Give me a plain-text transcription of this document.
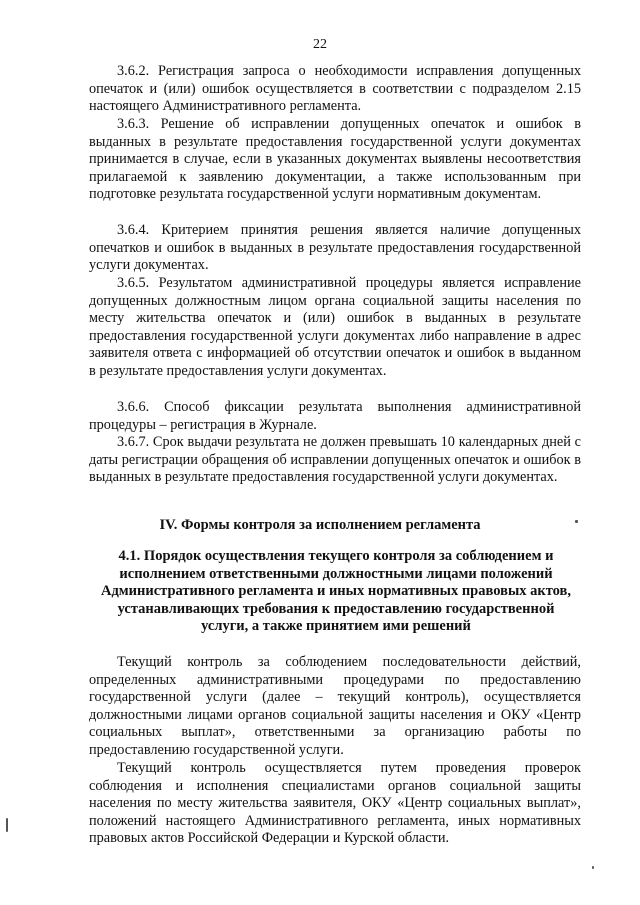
22

3.6.2. Регистрация запроса о необходимости исправления допущенных опечаток и (или) ошибок осуществляется в соответствии с подразделом 2.15 настоящего Административного регламента.

3.6.3. Решение об исправлении допущенных опечаток и ошибок в выданных в результате предоставления государственной услуги документах принимается в случае, если в указанных документах выявлены несоответствия прилагаемой к заявлению документации, а также использованным при подготовке результата государственной услуги нормативным документам.

3.6.4. Критерием принятия решения является наличие допущенных опечатков и ошибок в выданных в результате предоставления государственной услуги документах.

3.6.5. Результатом административной процедуры является исправление допущенных должностным лицом органа социальной защиты населения по месту жительства опечаток и (или) ошибок в выданных в результате предоставления государственной услуги документах либо направление в адрес заявителя ответа с информацией об отсутствии опечаток и ошибок в выданном в результате предоставления услуги документах.

3.6.6. Способ фиксации результата выполнения административной процедуры – регистрация в Журнале.

3.6.7. Срок выдачи результата не должен превышать 10 календарных дней с даты регистрации обращения об исправлении допущенных опечаток и ошибок в выданных в результате предоставления государственной услуги документах.

IV. Формы контроля за исполнением регламента

4.1. Порядок осуществления текущего контроля за соблюдением и исполнением ответственными должностными лицами положений Административного регламента и иных нормативных правовых актов, устанавливающих требования к предоставлению государственной услуги, а также принятием ими решений

Текущий контроль за соблюдением последовательности действий, определенных административными процедурами по предоставлению государственной услуги (далее – текущий контроль), осуществляется должностными лицами органов социальной защиты населения и ОКУ «Центр социальных выплат», ответственными за организацию работы по предоставлению государственной услуги.

Текущий контроль осуществляется путем проведения проверок соблюдения и исполнения специалистами органов социальной защиты населения по месту жительства заявителя, ОКУ «Центр социальных выплат», положений настоящего Административного регламента, иных нормативных правовых актов Российской Федерации и Курской области.
